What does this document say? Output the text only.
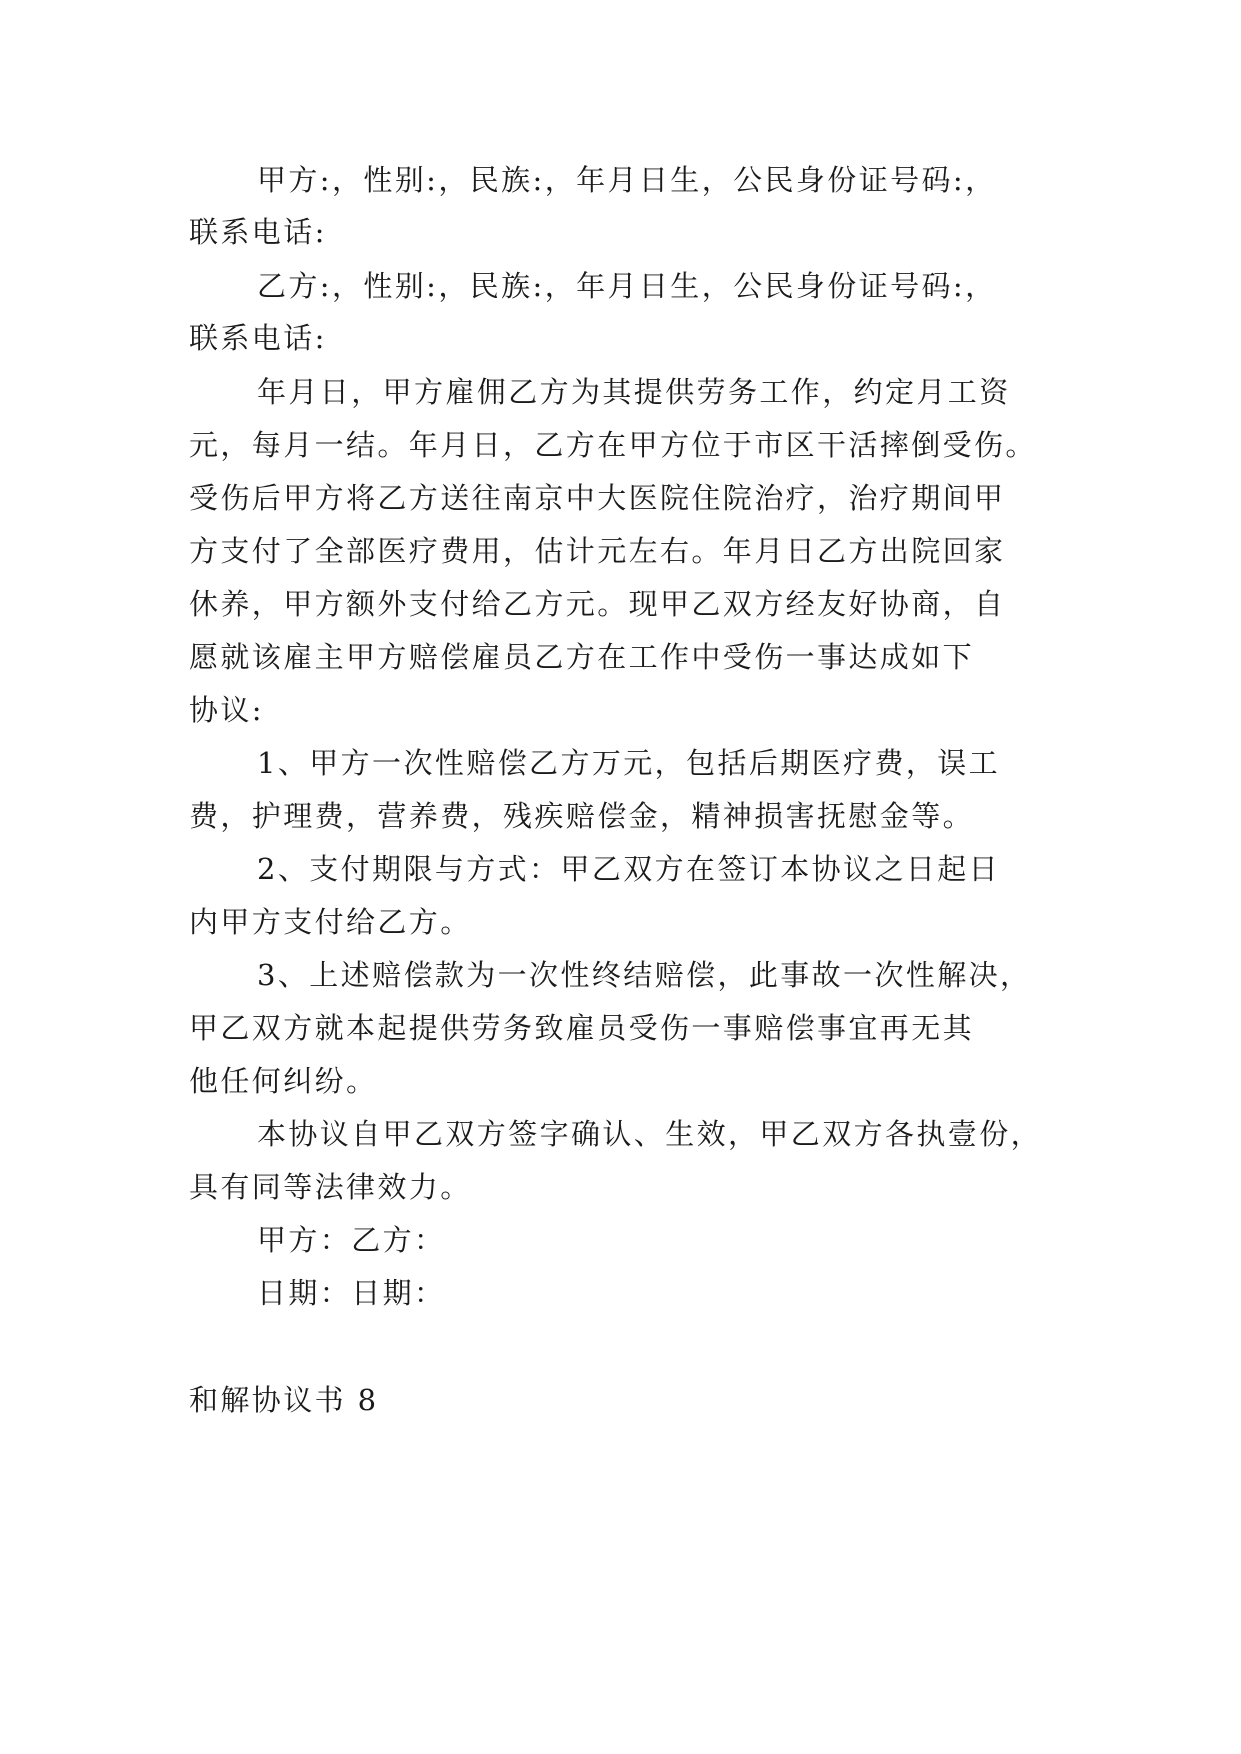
甲方:，性别:，民族:，年月日生，公民身份证号码:，
联系电话:
乙方:，性别:，民族:，年月日生，公民身份证号码:，
联系电话:
年月日，甲方雇佣乙方为其提供劳务工作，约定月工资
元，每月一结。年月日，乙方在甲方位于市区干活摔倒受伤。
受伤后甲方将乙方送往南京中大医院住院治疗，治疗期间甲
方支付了全部医疗费用，估计元左右。年月日乙方出院回家
休养，甲方额外支付给乙方元。现甲乙双方经友好协商，自
愿就该雇主甲方赔偿雇员乙方在工作中受伤一事达成如下
协议:
1、甲方一次性赔偿乙方万元，包括后期医疗费，误工
费，护理费，营养费，残疾赔偿金，精神损害抚慰金等。
2、支付期限与方式：甲乙双方在签订本协议之日起日
内甲方支付给乙方。
3、上述赔偿款为一次性终结赔偿，此事故一次性解决，
甲乙双方就本起提供劳务致雇员受伤一事赔偿事宜再无其
他任何纠纷。
本协议自甲乙双方签字确认、生效，甲乙双方各执壹份，
具有同等法律效力。
甲方：乙方：
日期：日期：
和解协议书 8
